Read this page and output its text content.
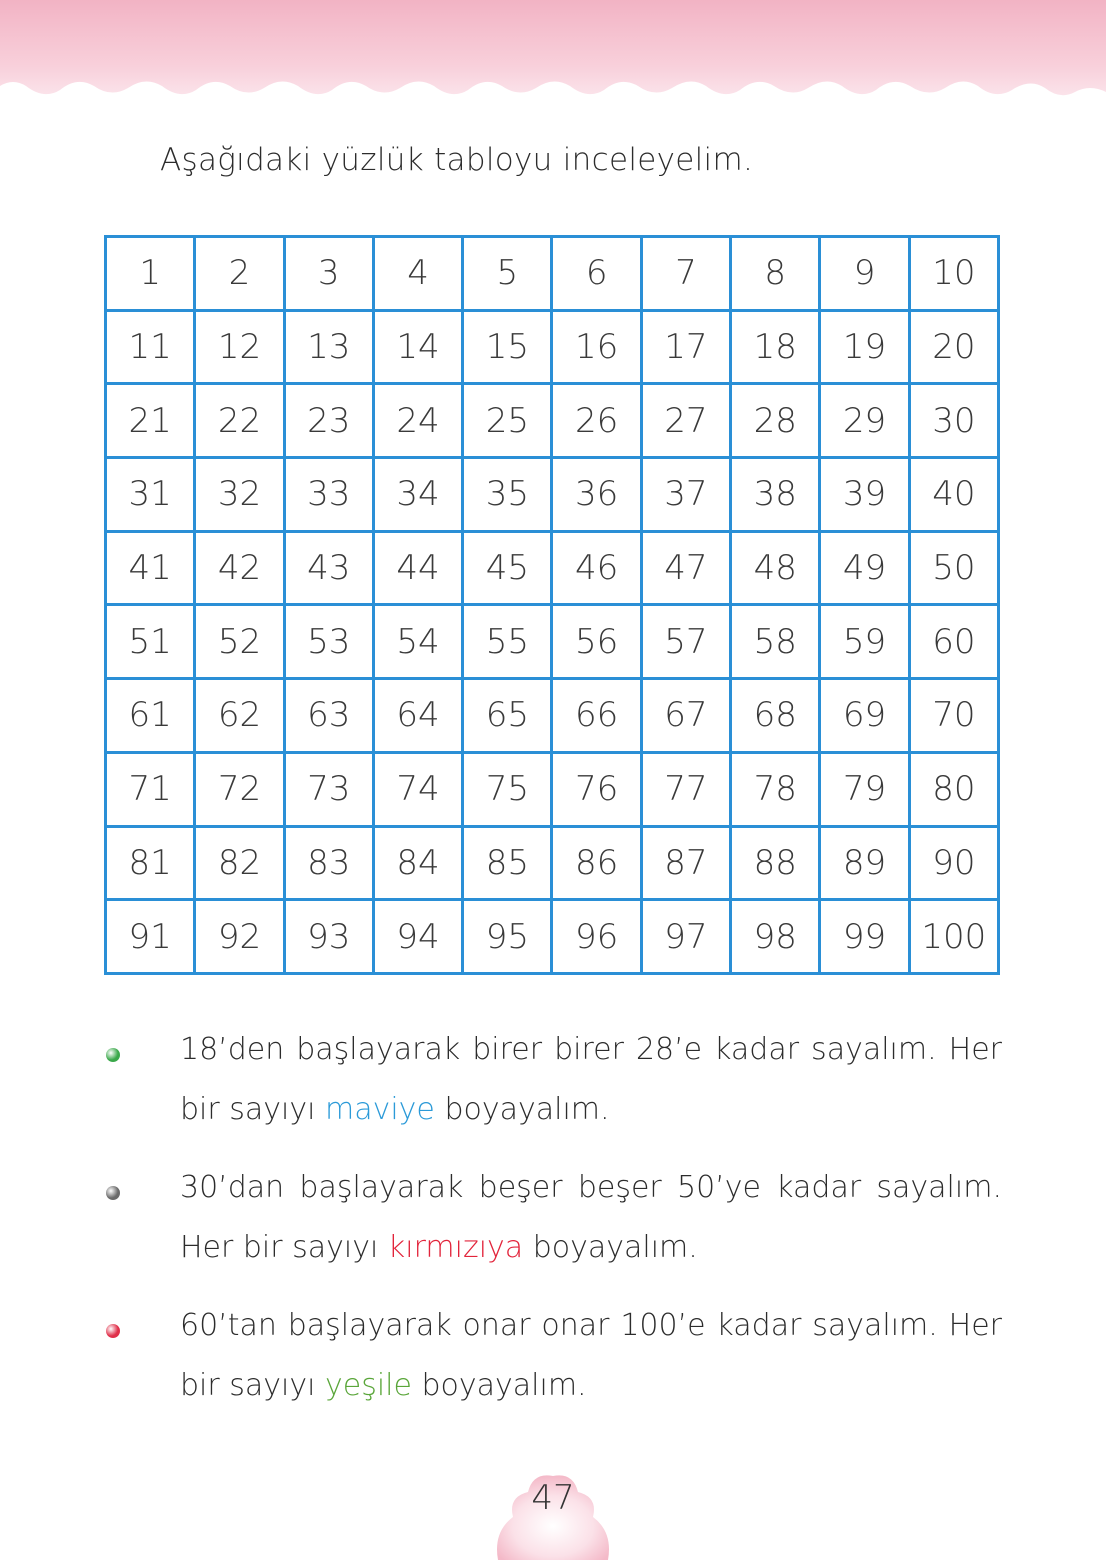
Aşağıdaki yüzlük tabloyu inceleyelim.
1	2	3	4	5	6	7	8	9	10
11	12	13	14	15	16	17	18	19	20
21	22	23	24	25	26	27	28	29	30
31	32	33	34	35	36	37	38	39	40
41	42	43	44	45	46	47	48	49	50
51	52	53	54	55	56	57	58	59	60
61	62	63	64	65	66	67	68	69	70
71	72	73	74	75	76	77	78	79	80
81	82	83	84	85	86	87	88	89	90
91	92	93	94	95	96	97	98	99	100
18’den başlayarak birer birer 28’e kadar sayalım. Her bir sayıyı maviye boyayalım.
30’dan başlayarak beşer beşer 50’ye kadar sayalım. Her bir sayıyı kırmızıya boyayalım.
60’tan başlayarak onar onar 100’e kadar sayalım. Her bir sayıyı yeşile boyayalım.
47
